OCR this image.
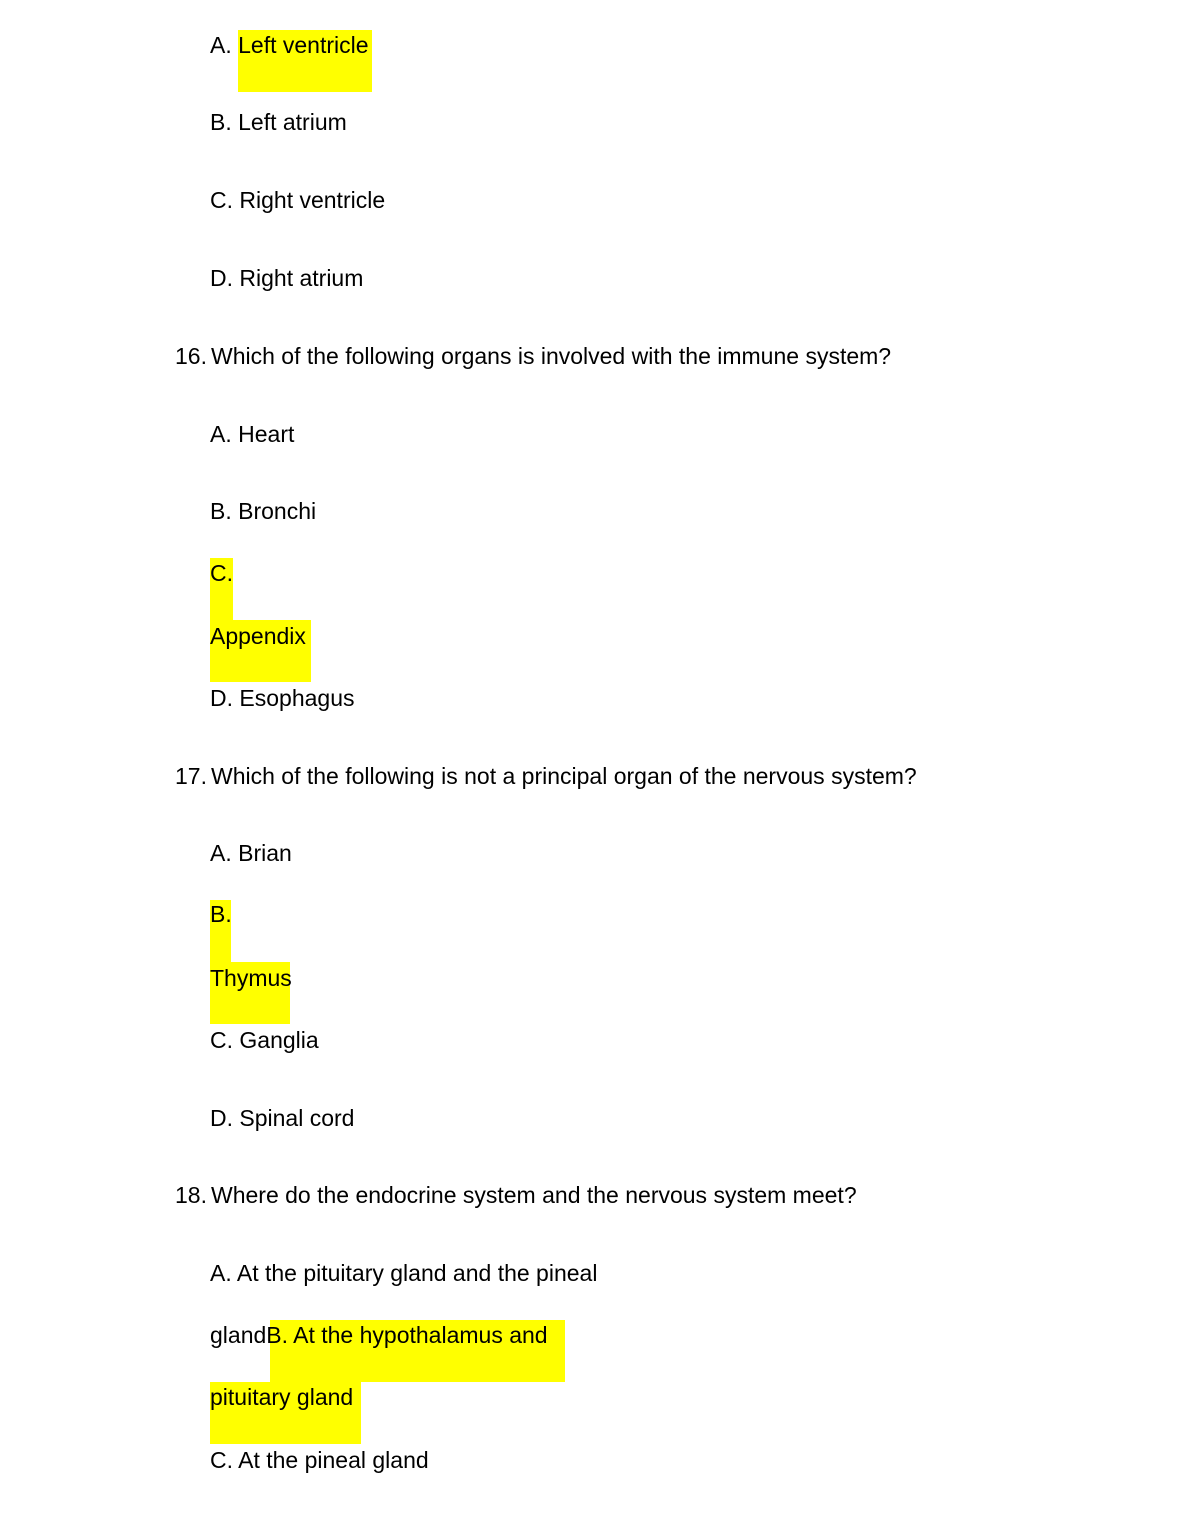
A. Left ventricle
B. Left atrium
C. Right ventricle
D. Right atrium
16. Which of the following organs is involved with the immune system?
A. Heart
B. Bronchi
C.
Appendix
D. Esophagus
17. Which of the following is not a principal organ of the nervous system?
A. Brian
B.
Thymus
C. Ganglia
D. Spinal cord
18. Where do the endocrine system and the nervous system meet?
A. At the pituitary gland and the pineal
glandB. At the hypothalamus and
pituitary gland
C. At the pineal gland
